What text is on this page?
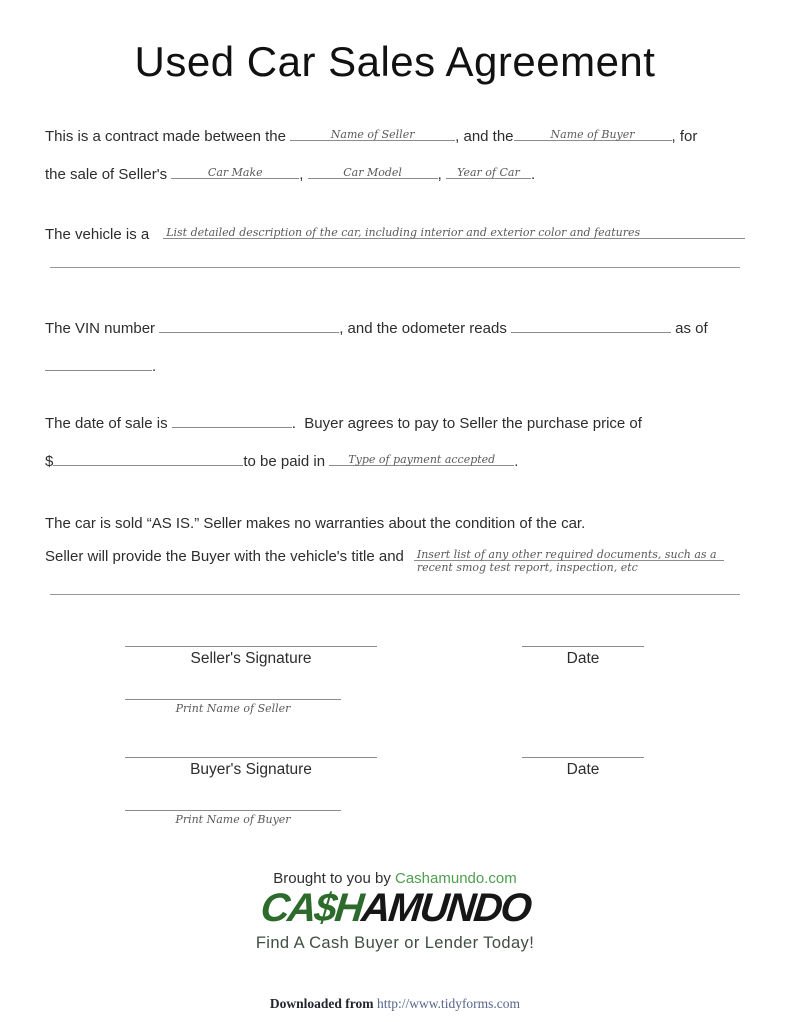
Used Car Sales Agreement
This is a contract made between the	Name of Seller	, and the	Name of Buyer , for
the sale of Seller's	Car Make ,	Car Model , Year of Car .
The vehicle is a List detailed description of the car, including interior and exterior color and features
The VIN number	, and the odometer reads	as of
.
The date of sale is	.  Buyer agrees to pay to Seller the purchase price of
$	to be paid in Type of payment accepted .
The car is sold “AS IS.” Seller makes no warranties about the condition of the car.
Seller will provide the Buyer with the vehicle's title and Insert list of any other required documents, such as a recent smog test report, inspection, etc
Seller's Signature	Date
Print Name of Seller
Buyer's Signature	Date
Print Name of Buyer
Brought to you by Cashamundo.com
CA$HAMUNDO
Find A Cash Buyer or Lender Today!
Downloaded from http://www.tidyforms.com
